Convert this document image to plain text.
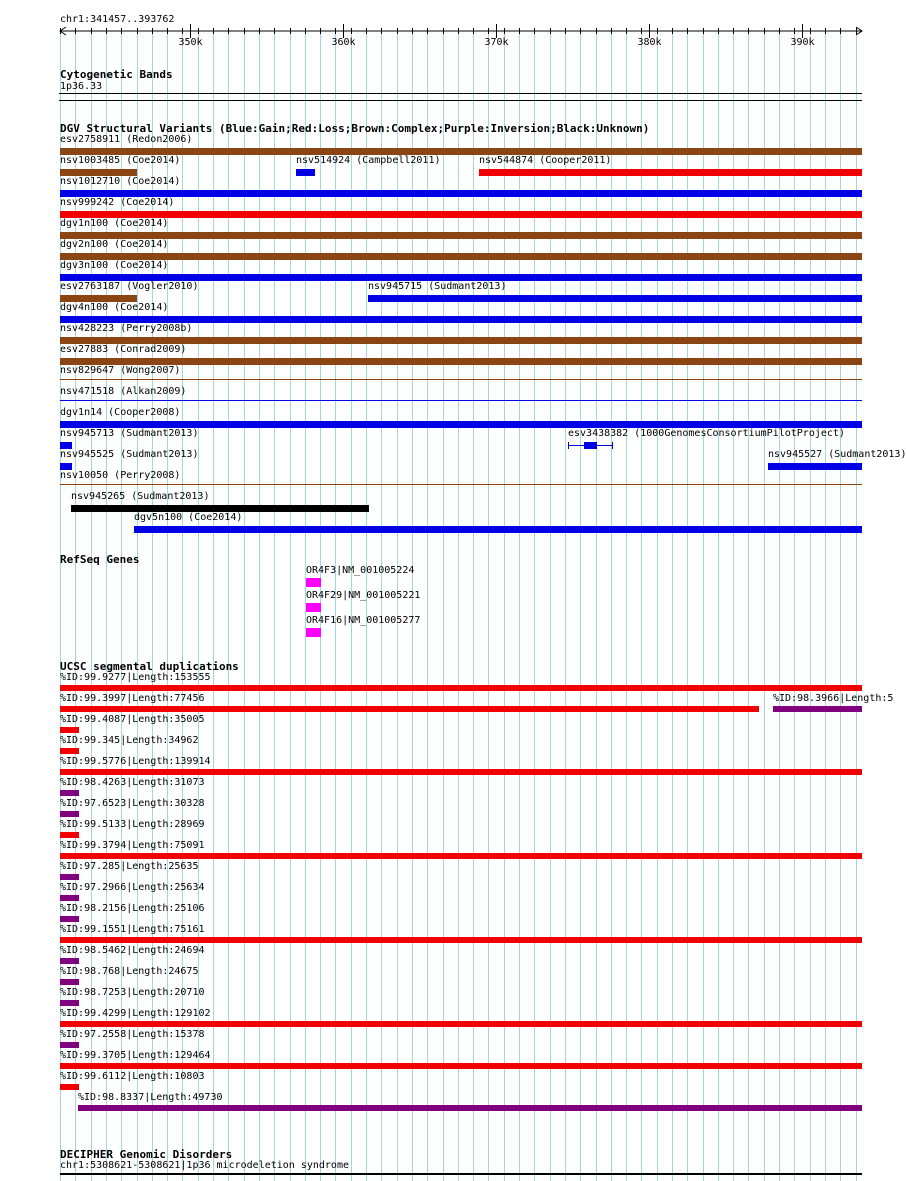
chr1:341457..393762
350k	360k	370k	380k	390k
Cytogenetic Bands
1p36.33
DGV Structural Variants (Blue:Gain;Red:Loss;Brown:Complex;Purple:Inversion;Black:Unknown)
esv2758911 (Redon2006)
nsv1003485 (Coe2014)	nsv514924 (Campbell2011)	nsv544874 (Cooper2011)
nsv1012710 (Coe2014)
nsv999242 (Coe2014)
dgv1n100 (Coe2014)
dgv2n100 (Coe2014)
dgv3n100 (Coe2014)
esv2763187 (Vogler2010)	nsv945715 (Sudmant2013)
dgv4n100 (Coe2014)
nsv428223 (Perry2008b)
esv27883 (Conrad2009)
nsv829647 (Wong2007)
nsv471518 (Alkan2009)
dgv1n14 (Cooper2008)
nsv945713 (Sudmant2013)	esv3438382 (1000GenomesConsortiumPilotProject)
nsv945525 (Sudmant2013)	nsv945527 (Sudmant2013)
nsv10050 (Perry2008)
nsv945265 (Sudmant2013)
dgv5n100 (Coe2014)
RefSeq Genes
OR4F3|NM_001005224
OR4F29|NM_001005221
OR4F16|NM_001005277
UCSC segmental duplications
%ID:99.9277|Length:153555
%ID:99.3997|Length:77456	%ID:98.3966|Length:5
%ID:99.4087|Length:35005
%ID:99.345|Length:34962
%ID:99.5776|Length:139914
%ID:98.4263|Length:31073
%ID:97.6523|Length:30328
%ID:99.5133|Length:28969
%ID:99.3794|Length:75091
%ID:97.285|Length:25635
%ID:97.2966|Length:25634
%ID:98.2156|Length:25106
%ID:99.1551|Length:75161
%ID:98.5462|Length:24694
%ID:98.768|Length:24675
%ID:98.7253|Length:20710
%ID:99.4299|Length:129102
%ID:97.2558|Length:15378
%ID:99.3705|Length:129464
%ID:99.6112|Length:10803
%ID:98.8337|Length:49730
DECIPHER Genomic Disorders
chr1:5308621-5308621|1p36 microdeletion syndrome
